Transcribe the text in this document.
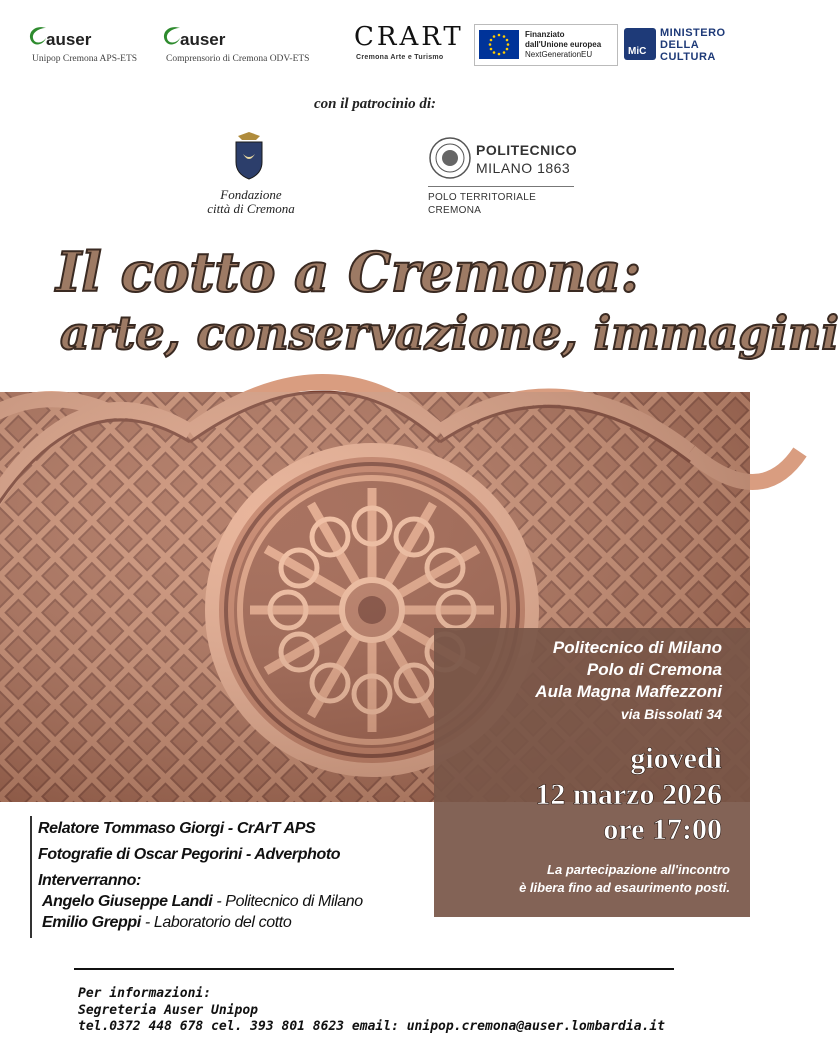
auser
Unipop Cremona APS-ETS
auser
Comprensorio di Cremona ODV-ETS
CRART
Cremona Arte e Turismo
Finanziato
dall'Unione europea
NextGenerationEU	MiC
MINISTERO
DELLA
CULTURA
con il patrocinio di:
Fondazione
città di Cremona
POLITECNICO
MILANO 1863
POLO TERRITORIALE
CREMONA
Il cotto a Cremona:
arte, conservazione, immagini
Politecnico di Milano
Polo di Cremona
Aula Magna Maffezzoni
via Bissolati 34
giovedì
12 marzo 2026
ore 17:00
La partecipazione all'incontro
è libera fino ad esaurimento posti.
Relatore Tommaso Giorgi - CrArT APS
Fotografie di Oscar Pegorini - Adverphoto
Interverranno:
Angelo Giuseppe Landi - Politecnico di Milano
Emilio Greppi - Laboratorio del cotto
Per informazioni:
Segreteria Auser Unipop
tel.0372 448 678 cel. 393 801 8623 email: unipop.cremona@auser.lombardia.it
